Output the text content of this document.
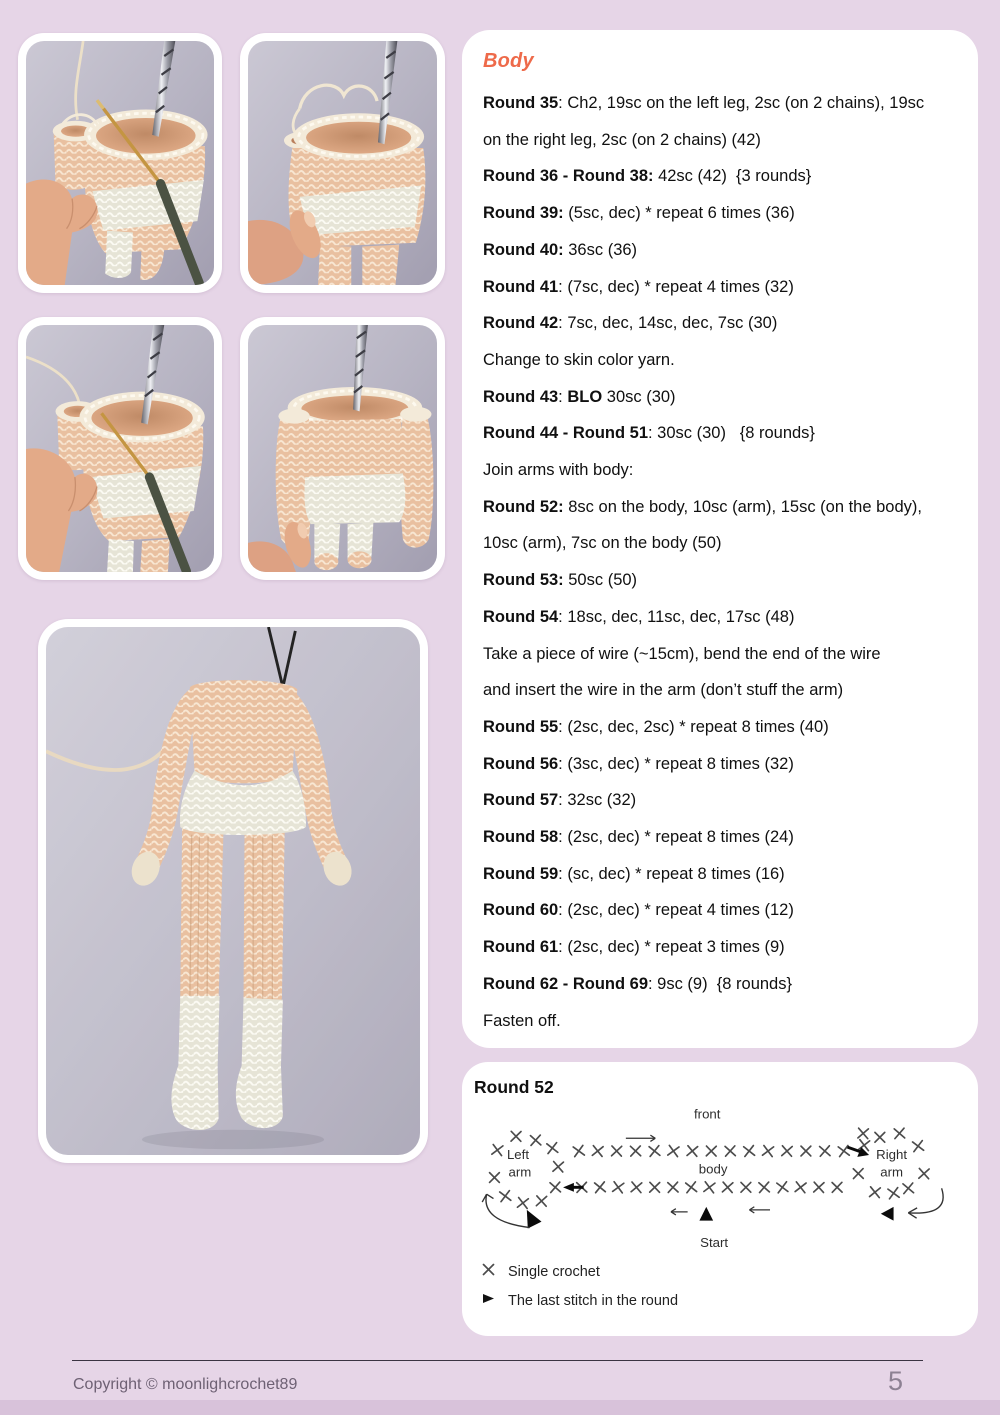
Body
Round 35: Ch2, 19sc on the left leg, 2sc (on 2 chains), 19sc
on the right leg, 2sc (on 2 chains) (42)
Round 36 - Round 38: 42sc (42)  {3 rounds}
Round 39: (5sc, dec) * repeat 6 times (36)
Round 40: 36sc (36)
Round 41: (7sc, dec) * repeat 4 times (32)
Round 42: 7sc, dec, 14sc, dec, 7sc (30)
Change to skin color yarn.
Round 43: BLO 30sc (30)
Round 44 - Round 51: 30sc (30)   {8 rounds}
Join arms with body:
Round 52: 8sc on the body, 10sc (arm), 15sc (on the body),
10sc (arm), 7sc on the body (50)
Round 53: 50sc (50)
Round 54: 18sc, dec, 11sc, dec, 17sc (48)
Take a piece of wire (~15cm), bend the end of the wire
and insert the wire in the arm (don’t stuff the arm)
Round 55: (2sc, dec, 2sc) * repeat 8 times (40)
Round 56: (3sc, dec) * repeat 8 times (32)
Round 57: 32sc (32)
Round 58: (2sc, dec) * repeat 8 times (24)
Round 59: (sc, dec) * repeat 8 times (16)
Round 60: (2sc, dec) * repeat 4 times (12)
Round 61: (2sc, dec) * repeat 3 times (9)
Round 62 - Round 69: 9sc (9)  {8 rounds}
Fasten off.
Round 52
front
body
Start
Left
arm
Right
arm
Single crochet
The last stitch in the round
Copyright © moonlighcrochet89	5
